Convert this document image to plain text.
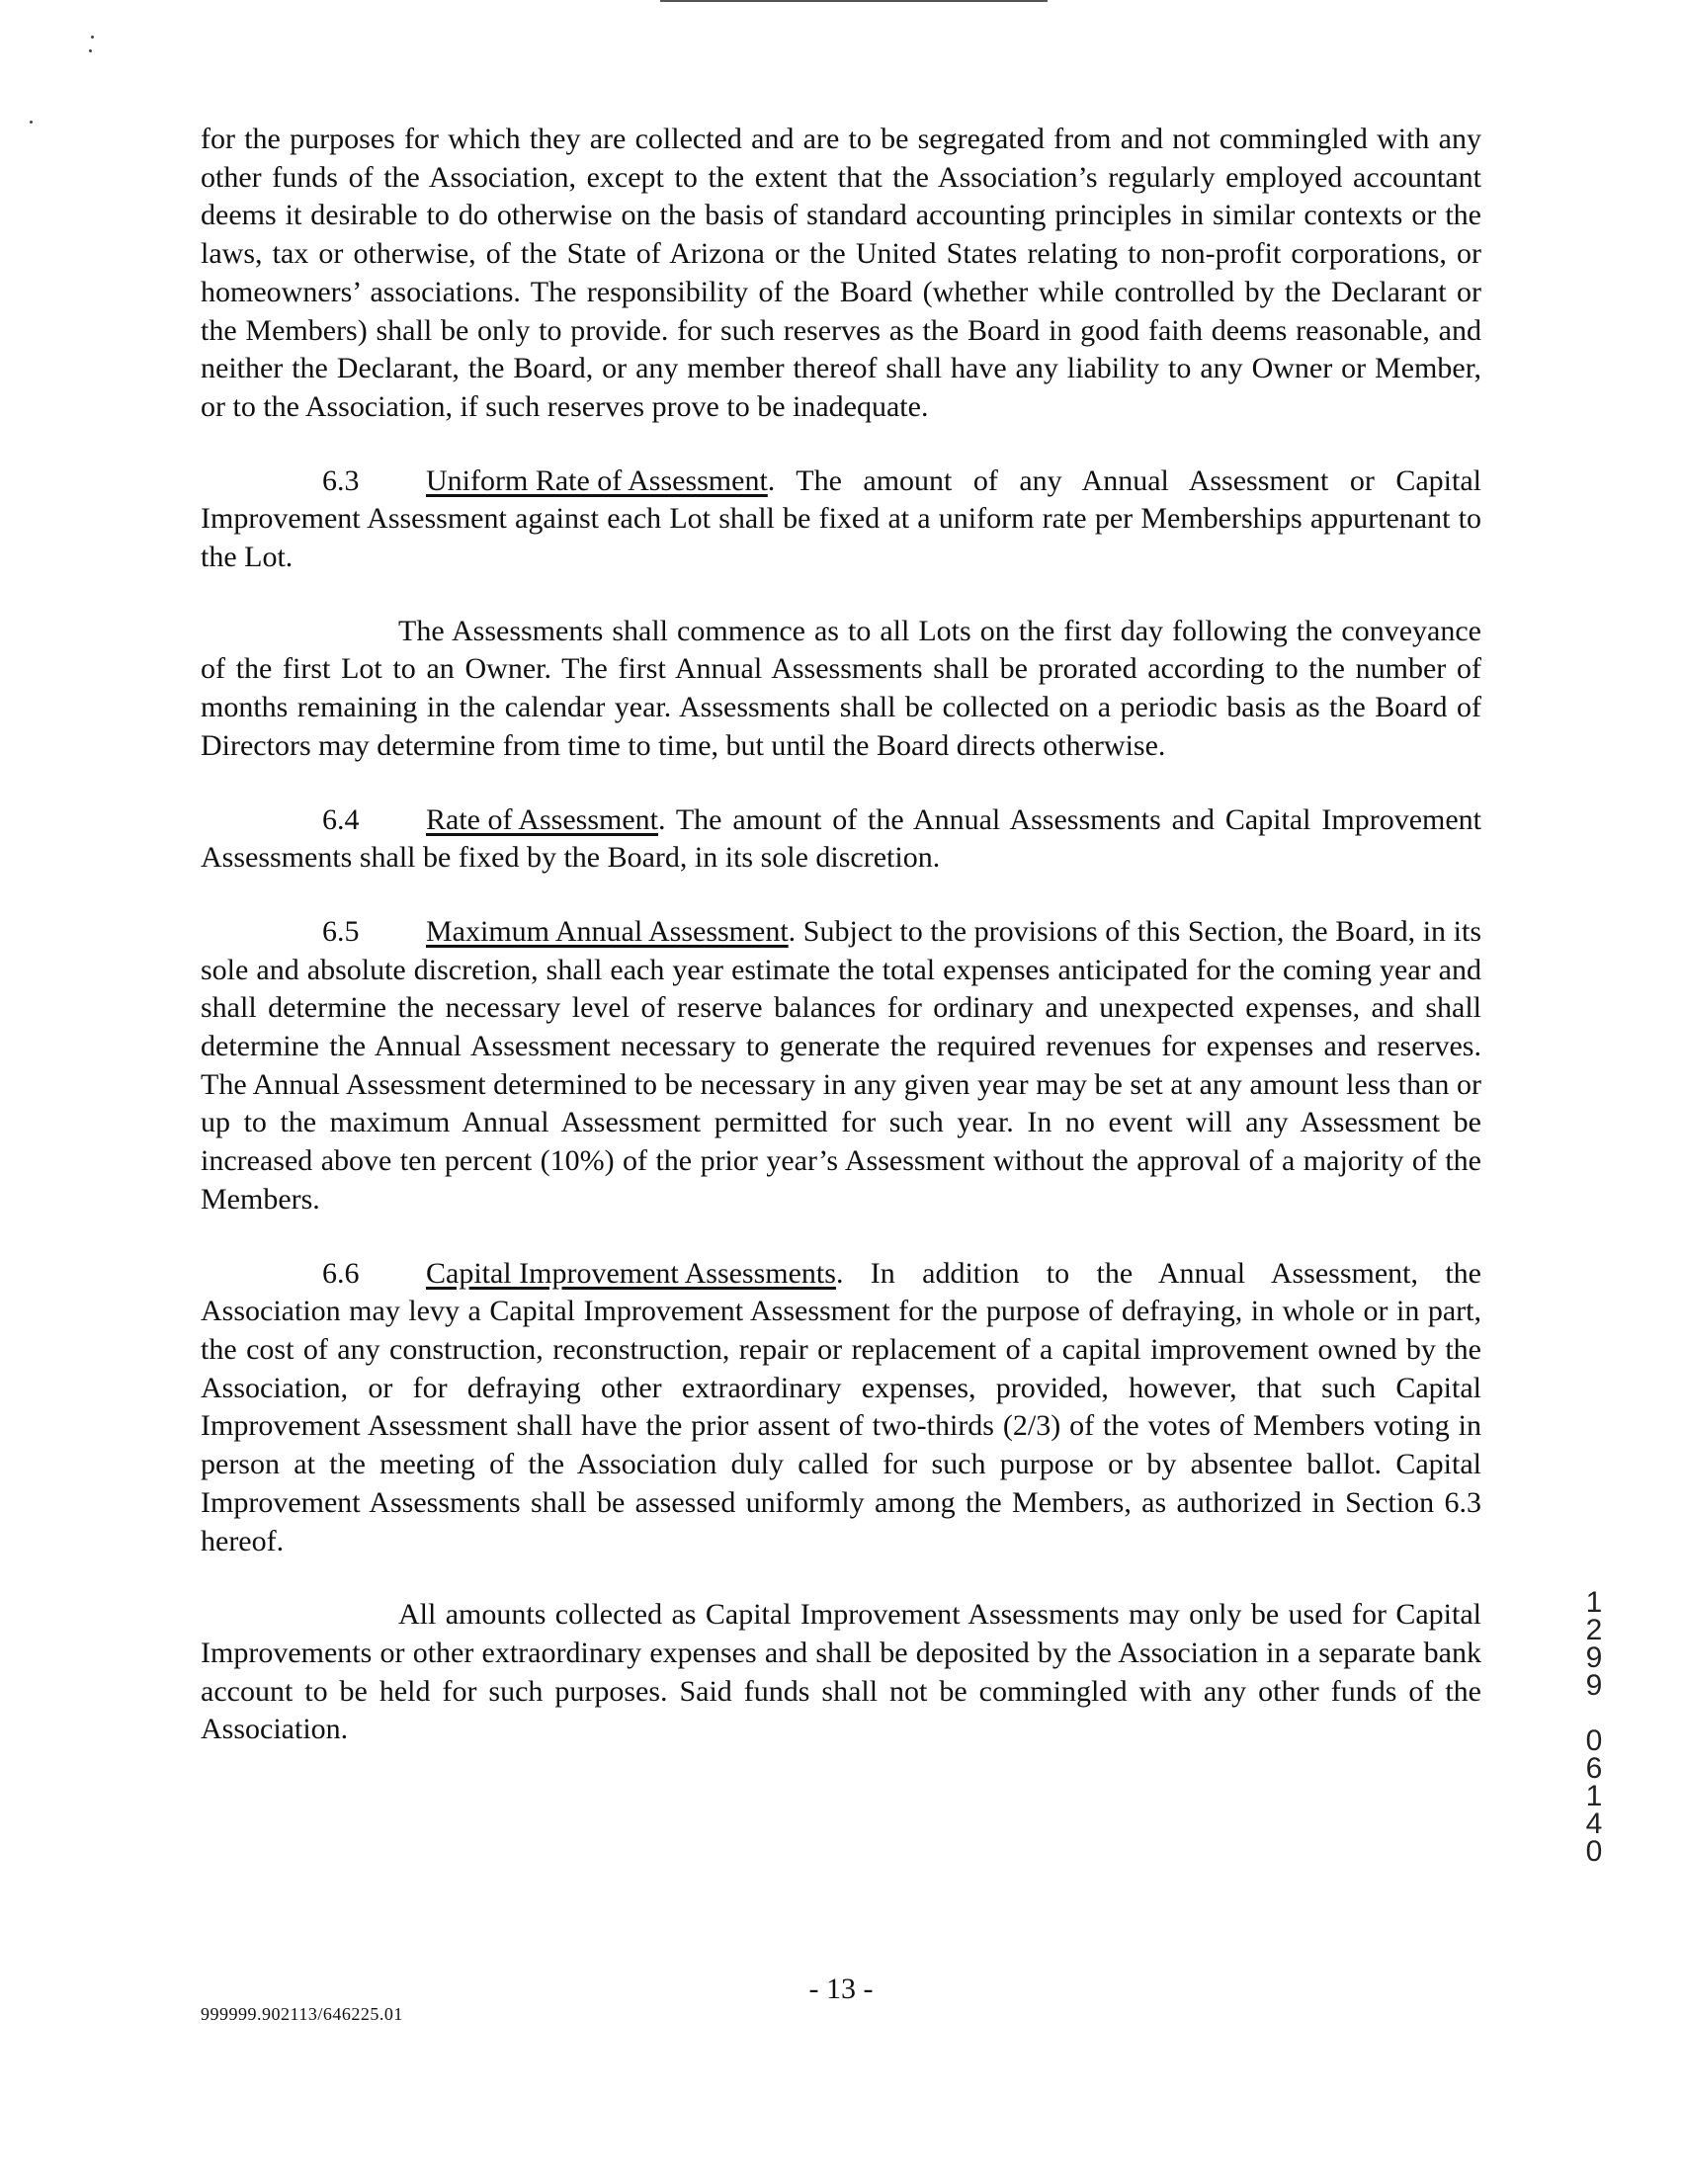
for the purposes for which they are collected and are to be segregated from and not commingled with any other funds of the Association, except to the extent that the Association’s regularly employed accountant deems it desirable to do otherwise on the basis of standard accounting principles in similar contexts or the laws, tax or otherwise, of the State of Arizona or the United States relating to non-profit corporations, or homeowners’ associations. The responsibility of the Board (whether while controlled by the Declarant or the Members) shall be only to provide. for such reserves as the Board in good faith deems reasonable, and neither the Declarant, the Board, or any member thereof shall have any liability to any Owner or Member, or to the Association, if such reserves prove to be inadequate.

6.3 Uniform Rate of Assessment. The amount of any Annual Assessment or Capital Improvement Assessment against each Lot shall be fixed at a uniform rate per Memberships appurtenant to the Lot.

The Assessments shall commence as to all Lots on the first day following the conveyance of the first Lot to an Owner. The first Annual Assessments shall be prorated according to the number of months remaining in the calendar year. Assessments shall be collected on a periodic basis as the Board of Directors may determine from time to time, but until the Board directs otherwise.

6.4 Rate of Assessment. The amount of the Annual Assessments and Capital Improvement Assessments shall be fixed by the Board, in its sole discretion.

6.5 Maximum Annual Assessment. Subject to the provisions of this Section, the Board, in its sole and absolute discretion, shall each year estimate the total expenses anticipated for the coming year and shall determine the necessary level of reserve balances for ordinary and unexpected expenses, and shall determine the Annual Assessment necessary to generate the required revenues for expenses and reserves. The Annual Assessment determined to be necessary in any given year may be set at any amount less than or up to the maximum Annual Assessment permitted for such year. In no event will any Assessment be increased above ten percent (10%) of the prior year’s Assessment without the approval of a majority of the Members.

6.6 Capital Improvement Assessments. In addition to the Annual Assessment, the Association may levy a Capital Improvement Assessment for the purpose of defraying, in whole or in part, the cost of any construction, reconstruction, repair or replacement of a capital improvement owned by the Association, or for defraying other extraordinary expenses, provided, however, that such Capital Improvement Assessment shall have the prior assent of two-thirds (2/3) of the votes of Members voting in person at the meeting of the Association duly called for such purpose or by absentee ballot. Capital Improvement Assessments shall be assessed uniformly among the Members, as authorized in Section 6.3 hereof.

All amounts collected as Capital Improvement Assessments may only be used for Capital Improvements or other extraordinary expenses and shall be deposited by the Association in a separate bank account to be held for such purposes. Said funds shall not be commingled with any other funds of the Association.

1
2
9
9
0
6
1
4
0
- 13 -
999999.902113/646225.01
